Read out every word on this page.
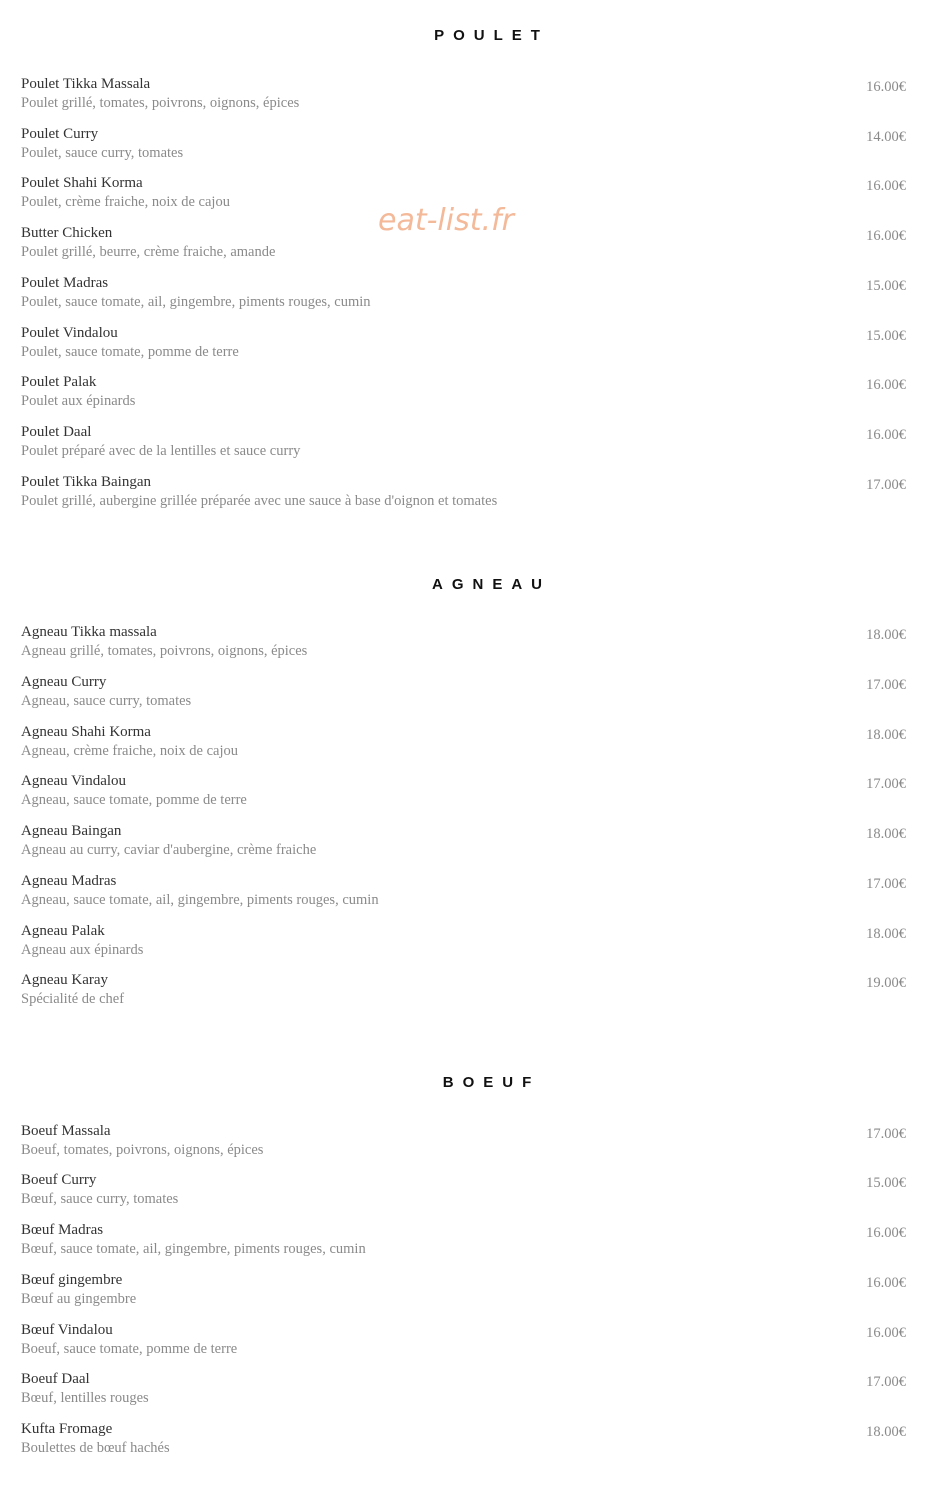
eat-list.fr
POULET
Poulet Tikka Massala
Poulet grillé, tomates, poivrons, oignons, épices
16.00€
Poulet Curry
Poulet, sauce curry, tomates
14.00€
Poulet Shahi Korma
Poulet, crème fraiche, noix de cajou
16.00€
Butter Chicken
Poulet grillé, beurre, crème fraiche, amande
16.00€
Poulet Madras
Poulet, sauce tomate, ail, gingembre, piments rouges, cumin
15.00€
Poulet Vindalou
Poulet, sauce tomate, pomme de terre
15.00€
Poulet Palak
Poulet aux épinards
16.00€
Poulet Daal
Poulet préparé avec de la lentilles et sauce curry
16.00€
Poulet Tikka Baingan
Poulet grillé, aubergine grillée préparée avec une sauce à base d'oignon et tomates
17.00€
AGNEAU
Agneau Tikka massala
Agneau grillé, tomates, poivrons, oignons, épices
18.00€
Agneau Curry
Agneau, sauce curry, tomates
17.00€
Agneau Shahi Korma
Agneau, crème fraiche, noix de cajou
18.00€
Agneau Vindalou
Agneau, sauce tomate, pomme de terre
17.00€
Agneau Baingan
Agneau au curry, caviar d'aubergine, crème fraiche
18.00€
Agneau Madras
Agneau, sauce tomate, ail, gingembre, piments rouges, cumin
17.00€
Agneau Palak
Agneau aux épinards
18.00€
Agneau Karay
Spécialité de chef
19.00€
BOEUF
Boeuf Massala
Boeuf, tomates, poivrons, oignons, épices
17.00€
Boeuf Curry
Bœuf, sauce curry, tomates
15.00€
Bœuf Madras
Bœuf, sauce tomate, ail, gingembre, piments rouges, cumin
16.00€
Bœuf gingembre
Bœuf au gingembre
16.00€
Bœuf Vindalou
Boeuf, sauce tomate, pomme de terre
16.00€
Boeuf Daal
Bœuf, lentilles rouges
17.00€
Kufta Fromage
Boulettes de bœuf hachés
18.00€
